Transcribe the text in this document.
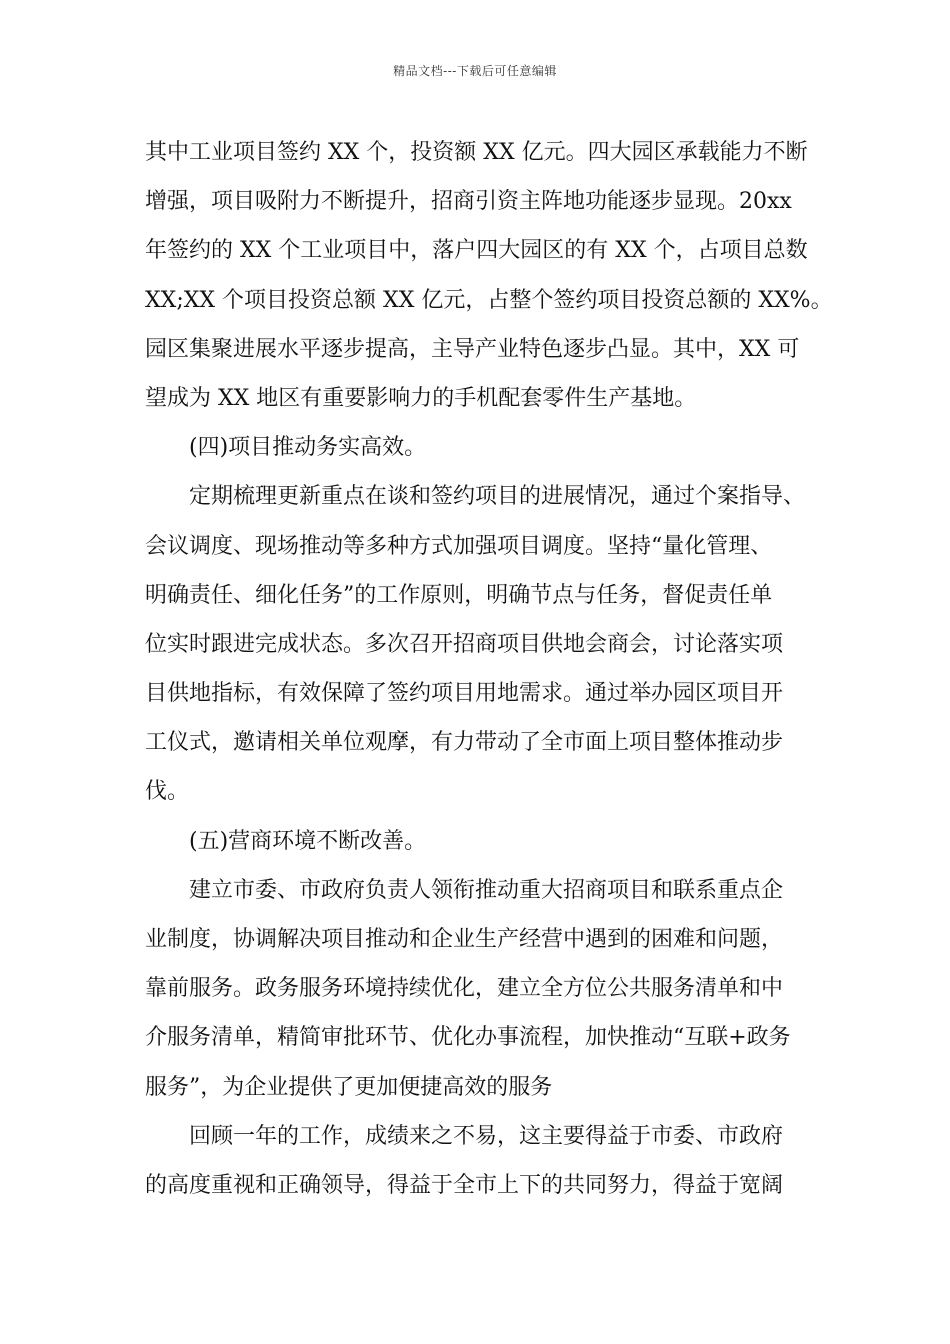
精品文档---下载后可任意编辑
其中工业项目签约 XX 个，投资额 XX 亿元。四大园区承载能力不断
增强，项目吸附力不断提升，招商引资主阵地功能逐步显现。20xx
年签约的 XX 个工业项目中，落户四大园区的有 XX 个，占项目总数
XX;XX 个项目投资总额 XX 亿元，占整个签约项目投资总额的 XX%。
园区集聚进展水平逐步提高，主导产业特色逐步凸显。其中，XX 可
望成为 XX 地区有重要影响力的手机配套零件生产基地。
(四)项目推动务实高效。
定期梳理更新重点在谈和签约项目的进展情况，通过个案指导、
会议调度、现场推动等多种方式加强项目调度。坚持“量化管理、
明确责任、细化任务”的工作原则，明确节点与任务，督促责任单
位实时跟进完成状态。多次召开招商项目供地会商会，讨论落实项
目供地指标，有效保障了签约项目用地需求。通过举办园区项目开
工仪式，邀请相关单位观摩，有力带动了全市面上项目整体推动步
伐。
(五)营商环境不断改善。
建立市委、市政府负责人领衔推动重大招商项目和联系重点企
业制度，协调解决项目推动和企业生产经营中遇到的困难和问题，
靠前服务。政务服务环境持续优化，建立全方位公共服务清单和中
介服务清单，精简审批环节、优化办事流程，加快推动“互联+政务
服务”，为企业提供了更加便捷高效的服务
回顾一年的工作，成绩来之不易，这主要得益于市委、市政府
的高度重视和正确领导，得益于全市上下的共同努力，得益于宽阔
